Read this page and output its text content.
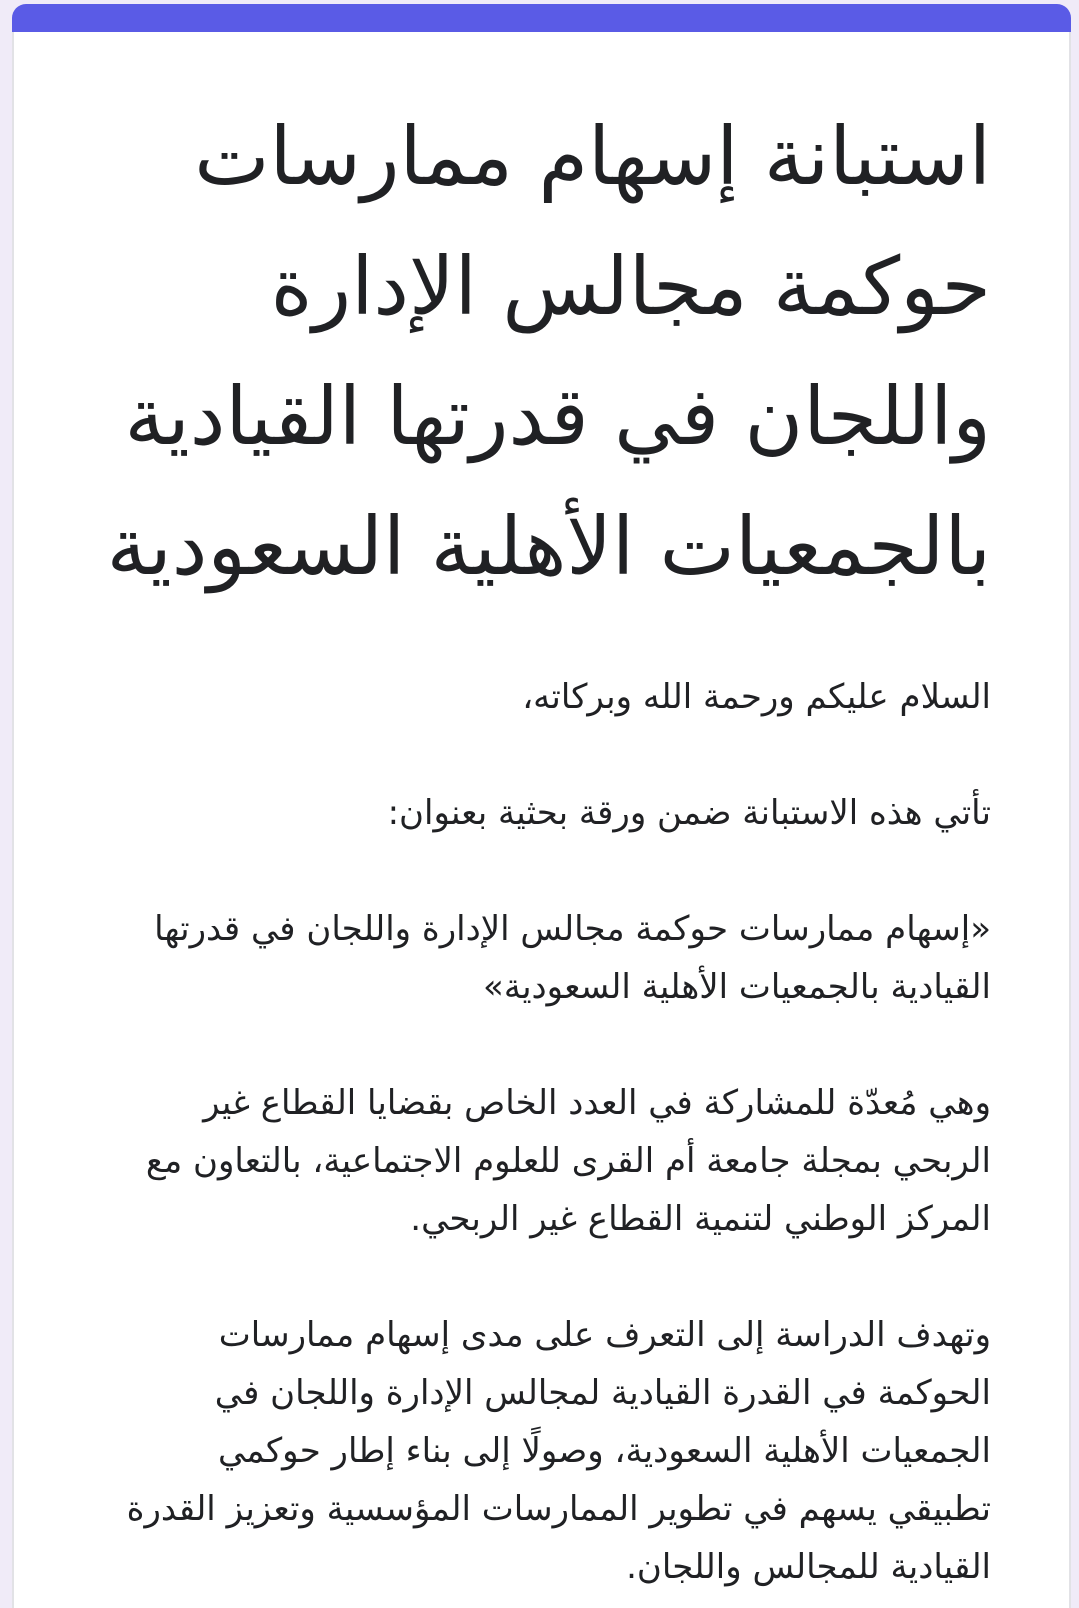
استبانة إسهام ممارسات حوكمة مجالس الإدارة واللجان في قدرتها القيادية بالجمعيات الأهلية السعودية

السلام عليكم ورحمة الله وبركاته،

تأتي هذه الاستبانة ضمن ورقة بحثية بعنوان:

«إسهام ممارسات حوكمة مجالس الإدارة واللجان في قدرتها القيادية بالجمعيات الأهلية السعودية»

وهي مُعدّة للمشاركة في العدد الخاص بقضايا القطاع غير الربحي بمجلة جامعة أم القرى للعلوم الاجتماعية، بالتعاون مع المركز الوطني لتنمية القطاع غير الربحي.

وتهدف الدراسة إلى التعرف على مدى إسهام ممارسات الحوكمة في القدرة القيادية لمجالس الإدارة واللجان في الجمعيات الأهلية السعودية، وصولًا إلى بناء إطار حوكمي تطبيقي يسهم في تطوير الممارسات المؤسسية وتعزيز القدرة القيادية للمجالس واللجان.
